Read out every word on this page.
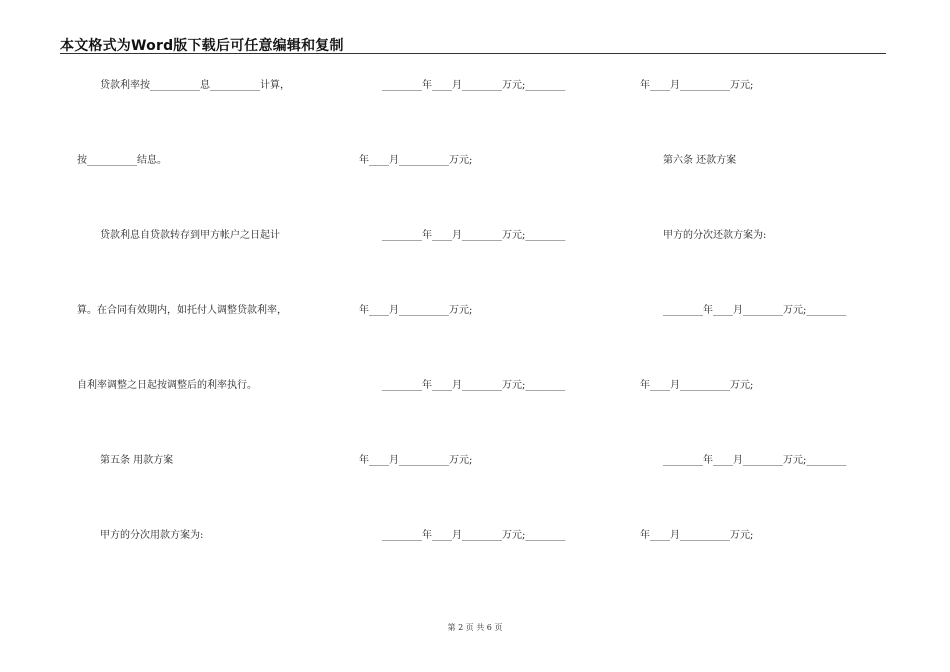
本文格式为Word版下载后可任意编辑和复制
贷款利率按__________息__________计算，
按__________结息。
贷款利息自贷款转存到甲方帐户之日起计
算。在合同有效期内，如托付人调整贷款利率，
自利率调整之日起按调整后的利率执行。
第五条 用款方案
甲方的分次用款方案为:
________年____月________万元;________
年____月__________万元;
________年____月________万元;________
年____月__________万元;
________年____月________万元;________
年____月__________万元;
________年____月________万元;________
年____月__________万元;
第六条 还款方案
甲方的分次还款方案为:
________年____月________万元;________
年____月__________万元;
________年____月________万元;________
年____月__________万元;
第 2 页 共 6 页
